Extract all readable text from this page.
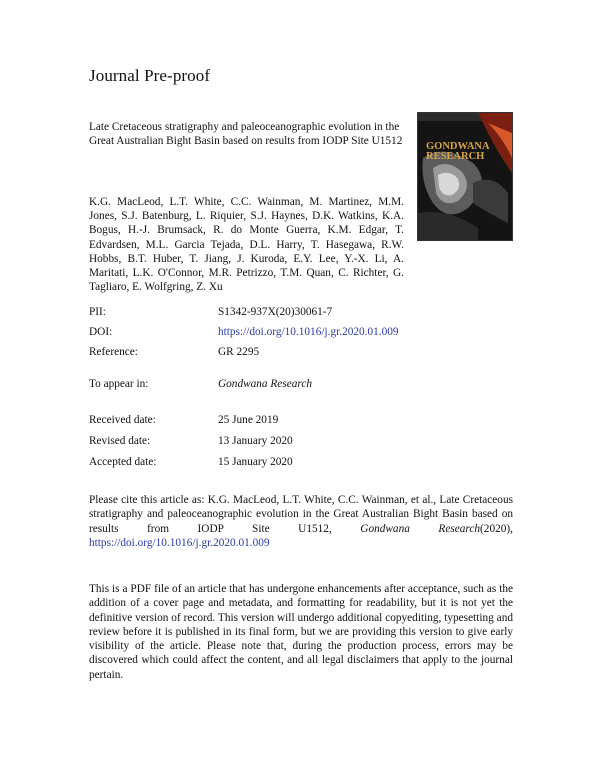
Journal Pre-proof
Late Cretaceous stratigraphy and paleoceanographic evolution in the Great Australian Bight Basin based on results from IODP Site U1512 GONDWANA
RESEARCH
K.G. MacLeod, L.T. White, C.C. Wainman, M. Martinez, M.M. Jones, S.J. Batenburg, L. Riquier, S.J. Haynes, D.K. Watkins, K.A. Bogus, H.-J. Brumsack, R. do Monte Guerra, K.M. Edgar, T. Edvardsen, M.L. Garcia Tejada, D.L. Harry, T. Hasegawa, R.W. Hobbs, B.T. Huber, T. Jiang, J. Kuroda, E.Y. Lee, Y.-X. Li, A. Maritati, L.K. O'Connor, M.R. Petrizzo, T.M. Quan, C. Richter, G. Tagliaro, E. Wolfgring, Z. Xu
PII:	S1342-937X(20)30061-7
DOI:	https://doi.org/10.1016/j.gr.2020.01.009
Reference:	GR 2295
To appear in:	Gondwana Research
Received date:	25 June 2019
Revised date:	13 January 2020
Accepted date:	15 January 2020
Please cite this article as: K.G. MacLeod, L.T. White, C.C. Wainman, et al., Late Cretaceous stratigraphy and paleoceanographic evolution in the Great Australian Bight Basin based on results from IODP Site U1512, Gondwana Research(2020), https://doi.org/10.1016/j.gr.2020.01.009
This is a PDF file of an article that has undergone enhancements after acceptance, such as the addition of a cover page and metadata, and formatting for readability, but it is not yet the definitive version of record. This version will undergo additional copyediting, typesetting and review before it is published in its final form, but we are providing this version to give early visibility of the article. Please note that, during the production process, errors may be discovered which could affect the content, and all legal disclaimers that apply to the journal pertain.
